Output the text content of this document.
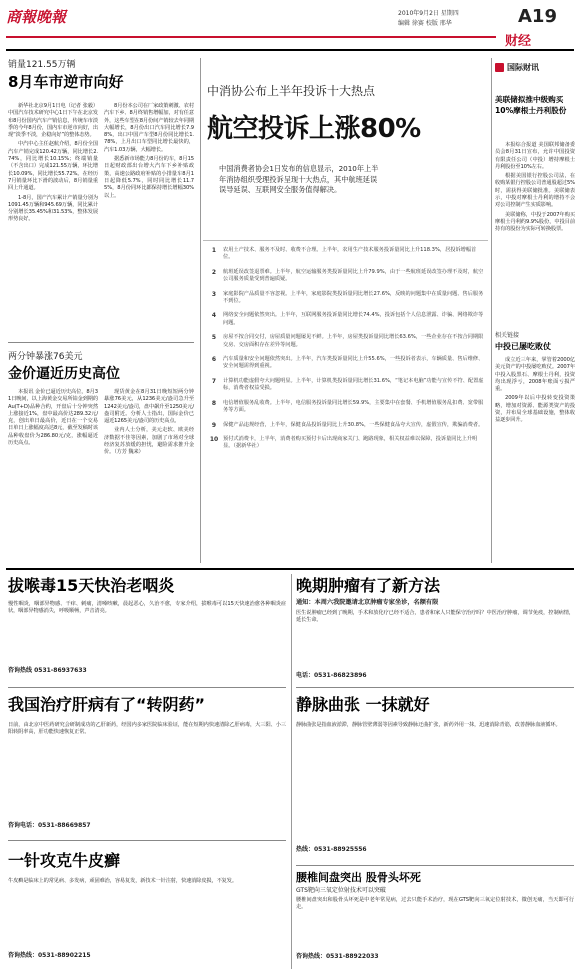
商報晚報	2010年9月2日 星期四
编辑 徐赛 校版 邢华	A19
财经
销量121.55万辆
8月车市逆市向好

新华社北京9月1日电（记者 张毅）中国汽车技术研究中心1日下午在北京发布8月份国内汽车产销信息，传统车市淡季的今年8月份，国内车市逆市向好，出现“淡季不淡，企稳向好”的整体态势。

中汽中心主任赵航介绍，8月份全国汽车产销完成120.42万辆，同比增长2.74%，同比增长10.15%；终端销量（不含出口）完成121.55万辆，环比增长10.09%，同比增长55.72%。在经历7月销量环比下滑的波动后，8月销量重回上升通道。

1-8月，国产汽车累计产销量分别为1091.45万辆和945.69万辆，同比累计分别增长35.45%和31.53%，整体发展形势良好。

8月份本公司在厂家政策刺激、农村汽车下乡、8月终销售增幅加，对有任意外，这些车型在8月份间产销较去年同期大幅增长，8月份出口汽车同比增长7.98%，出口中国产车型8月份同比增长1.78%，上月出口车型同比增长最快的，汽车1.03万辆，大幅增长。

据悉新市场能力8月份的车，8月15日起财政部出台增大汽车下乡补贴政策，高速公路政府补贴的小排量车8月1日起降低5.7%，同时同比增长11.75%，8月份同环比都保持增长增幅30%以上。

两分钟暴涨76美元
金价逼近历史高位

本报讯 金价已逼近历史高位，8月31日晚间，以上海黄金交易所铂金到期的Au(T+D)品种合约，开盘后十分钟突然上涨接近1%，盘中最高价达289.32元/克，创出单日最高价，近日在一个交易日单日上涨幅度高达8元，截至发稿时该品种收盘价为286.80元/克，涨幅逼近历史高点。

现货黄金在8月31日晚短短两分钟暴涨76美元，从1236美元/盎司急升至1242美元/盎司，盘中飙升至1250美元/盎司附近。分析人士指出，国际金价已逼近1265美元/盎司的历史高点。

业内人士分析，美元走软、欧美经济数据不佳等因素，加剧了市场对全球经济复苏放缓的担忧，避险需求推升金价。（方芳 魏来）

中消协公布上半年投诉十大热点
航空投诉上涨80%
中国消费者协会1日发布的信息显示，2010年上半年消协组织受理投诉呈现十大热点，其中航班延误误导延误、互联网安全服务值得解决。
1	农用土产技术、服务不及时、收费不合理。上半年，农用生产技术服务投诉量同比上升118.3%，居投诉增幅首位。
2	航班延误改签退票难。上半年，航空运输服务类投诉量同比上升79.9%，由于一些航班延误改签办理不及时，航空公司服务质量受到普遍质疑。
3	家庭影院产品质量不容忽视。上半年，家庭影院类投诉量同比增长27.6%，反映的问题集中在质量问题、售后服务不到位。
4	网络安全问题依然突出。上半年，互联网服务投诉量同比增长74.4%，投诉包括个人信息泄露、诈骗、网络欺诈等问题。
5	房屋不按合同交付，房屋质量问题屡见不鲜。上半年，房屋类投诉量同比增长63.6%，一些企业存在不按合同期限交房、交房面积存在差异等问题。
6	汽车质量和安全问题依然突出。上半年，汽车类投诉量同比上升55.6%，一些投诉者表示，车辆质量、售后维修、安全问题需得到重视。
7	计算机功能虚假夸大问题明显。上半年，计算机类投诉量同比增长31.6%，“笔记本电脑”功能与宣传不符、配置虚标，消费者权益受损。
8	电信增值服务乱收费。上半年，电信服务投诉量同比增长59.9%，主要集中在套餐、手机增值服务乱扣费、宽带服务等方面。
9	保健产品违规经营，上半年，保健食品投诉量同比上升30.8%，一些保健食品夸大宣传，虚假宣传，欺骗消费者。
10 预付式消费卡，上半年，消费者购买预付卡后出现商家关门、跑路现象，相关权益难以保障，投诉量同比上升明显。（据新华社）
国际财讯
美联储拟推中级购买10%摩根士丹利股份

本报综合报道 美国联邦储备委员会8月31日宣布，允许中国投资有限责任公司（中投）增持摩根士丹利股份至10%左右。

根据美国银行控股公司法，在收购某银行控股公司普通股超过5%时，需获得美联储批准。美联储表示，中投对摩根士丹利的增持不会对公司控制产生实质影响。

美联储称，中投于2007年购买摩根士丹利约9.9%股份，中投目前持有的股份为实际可转换股票。

相关链接
中投已屡吃败仗

成立近三年来，掌管着2000亿美元资产的中投屡吃败仗。2007年中投入股黑石、摩根士丹利，投资均出现浮亏，2008年账面亏损严重。

2009年以后中投转变投资策略，增加对资源、能源类资产的投资，并布局全球基础设施，整体收益逐步回升。

拔喉毒15天快治老咽炎
慢性咽炎，咽部异物感、干痒、刺痛，清嗓咳嗽，晨起恶心，久治不愈，专家介绍，拔喉毒可以15天快速治愈各种咽炎症状，咽部异物感消失，呼吸顺畅，声音清亮。
咨询热线 0531-86937633
晚期肿瘤有了新方法
通知：本周六我院邀请北京肿瘤专家坐诊，名额有限
医生说肿瘤已经到了晚期，手术和放化疗已经不适合，患者和家人只能保守治疗吗？中医治疗肿瘤，调节免疫，控制病情，延长生命。
电话：0531-86823896
我国治疗肝病有了“转阴药”
日前，由北京中医药研究会研制成功的乙肝新药，经国内多家医院临床验证，能在短期内快速清除乙肝病毒，大三阳、小三阳转阴率高，肝功能快速恢复正常。
咨询电话：0531-88669857
静脉曲张 一抹就好
静脉曲张是指血液淤滞，静脉管壁薄弱等因素导致静脉迂曲扩张，新药外用一抹，迅速消除青筋，改善静脉血液循环。
热线：0531-88925556
一针攻克牛皮癣
牛皮癣是临床上的常见病、多发病，顽固难治，容易复发，新技术一针注射，快速消除皮损，不复发。
咨询热线：0531-88902215
腰椎间盘突出 股骨头坏死
GTS靶向三氧定位射技术可以突破
腰椎间盘突出和股骨头坏死是中老年常见病，过去只能手术治疗，现在GTS靶向三氧定位射技术，微创无痛，当天即可行走。
咨询热线：0531-88922033
